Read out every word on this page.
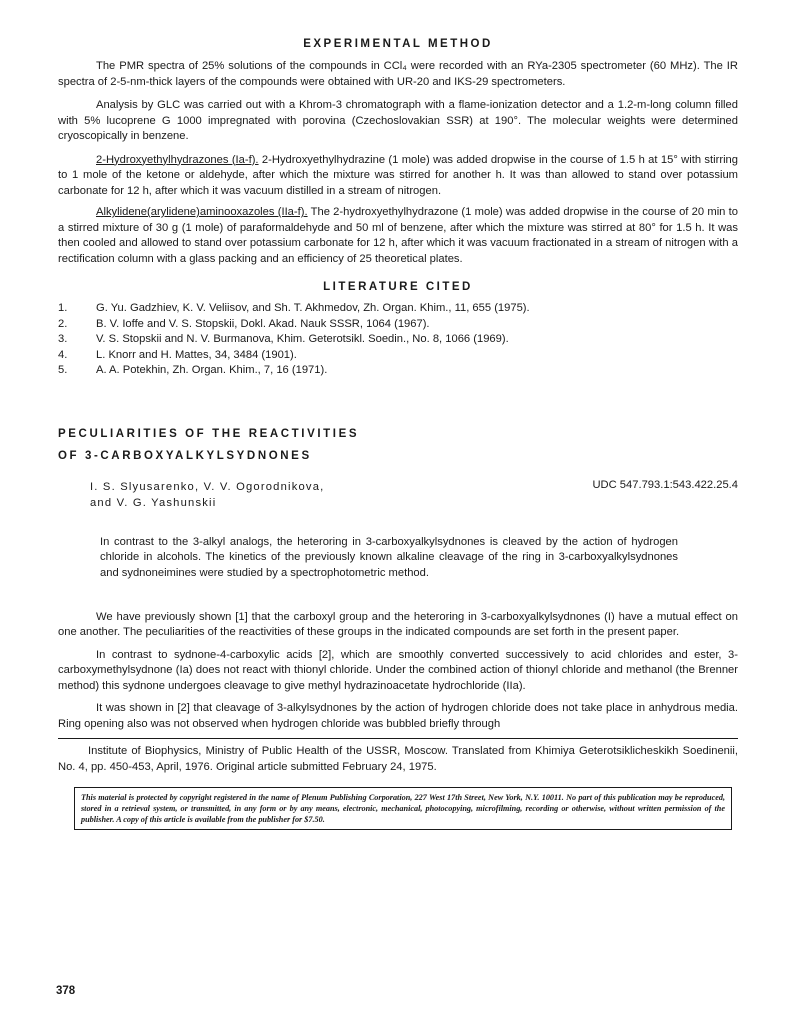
EXPERIMENTAL METHOD

The PMR spectra of 25% solutions of the compounds in CCl₄ were recorded with an RYa-2305 spectrometer (60 MHz). The IR spectra of 2-5-nm-thick layers of the compounds were obtained with UR-20 and IKS-29 spectrometers.

Analysis by GLC was carried out with a Khrom-3 chromatograph with a flame-ionization detector and a 1.2-m-long column filled with 5% lucoprene G 1000 impregnated with porovina (Czechoslovakian SSR) at 190°. The molecular weights were determined cryoscopically in benzene.

2-Hydroxyethylhydrazones (Ia-f). 2-Hydroxyethylhydrazine (1 mole) was added dropwise in the course of 1.5 h at 15° with stirring to 1 mole of the ketone or aldehyde, after which the mixture was stirred for another h. It was than allowed to stand over potassium carbonate for 12 h, after which it was vacuum distilled in a stream of nitrogen.

Alkylidene(arylidene)aminooxazoles (IIa-f). The 2-hydroxyethylhydrazone (1 mole) was added dropwise in the course of 20 min to a stirred mixture of 30 g (1 mole) of paraformaldehyde and 50 ml of benzene, after which the mixture was stirred at 80° for 1.5 h. It was then cooled and allowed to stand over potassium carbonate for 12 h, after which it was vacuum fractionated in a stream of nitrogen with a rectification column with a glass packing and an efficiency of 25 theoretical plates.

LITERATURE CITED
1.	G. Yu. Gadzhiev, K. V. Veliisov, and Sh. T. Akhmedov, Zh. Organ. Khim., 11, 655 (1975).
2.	B. V. Ioffe and V. S. Stopskii, Dokl. Akad. Nauk SSSR, 1064 (1967).
3.	V. S. Stopskii and N. V. Burmanova, Khim. Geterotsikl. Soedin., No. 8, 1066 (1969).
4.	L. Knorr and H. Mattes, 34, 3484 (1901).
5.	A. A. Potekhin, Zh. Organ. Khim., 7, 16 (1971).
PECULIARITIES OF THE REACTIVITIES
OF 3-CARBOXYALKYLSYDNONES
I. S. Slyusarenko, V. V. Ogorodnikova,
and V. G. Yashunskii
UDC 547.793.1:543.422.25.4

In contrast to the 3-alkyl analogs, the heteroring in 3-carboxyalkylsydnones is cleaved by the action of hydrogen chloride in alcohols. The kinetics of the previously known alkaline cleavage of the ring in 3-carboxyalkylsydnones and sydnoneimines were studied by a spectrophotometric method.

We have previously shown [1] that the carboxyl group and the heteroring in 3-carboxyalkylsydnones (I) have a mutual effect on one another. The peculiarities of the reactivities of these groups in the indicated compounds are set forth in the present paper.

In contrast to sydnone-4-carboxylic acids [2], which are smoothly converted successively to acid chlorides and ester, 3-carboxymethylsydnone (Ia) does not react with thionyl chloride. Under the combined action of thionyl chloride and methanol (the Brenner method) this sydnone undergoes cleavage to give methyl hydrazinoacetate hydrochloride (IIa).

It was shown in [2] that cleavage of 3-alkylsydnones by the action of hydrogen chloride does not take place in anhydrous media. Ring opening also was not observed when hydrogen chloride was bubbled briefly through

Institute of Biophysics, Ministry of Public Health of the USSR, Moscow. Translated from Khimiya Geterotsiklicheskikh Soedinenii, No. 4, pp. 450-453, April, 1976. Original article submitted February 24, 1975.

This material is protected by copyright registered in the name of Plenum Publishing Corporation, 227 West 17th Street, New York, N.Y. 10011. No part of this publication may be reproduced, stored in a retrieval system, or transmitted, in any form or by any means, electronic, mechanical, photocopying, microfilming, recording or otherwise, without written permission of the publisher. A copy of this article is available from the publisher for $7.50.
378
